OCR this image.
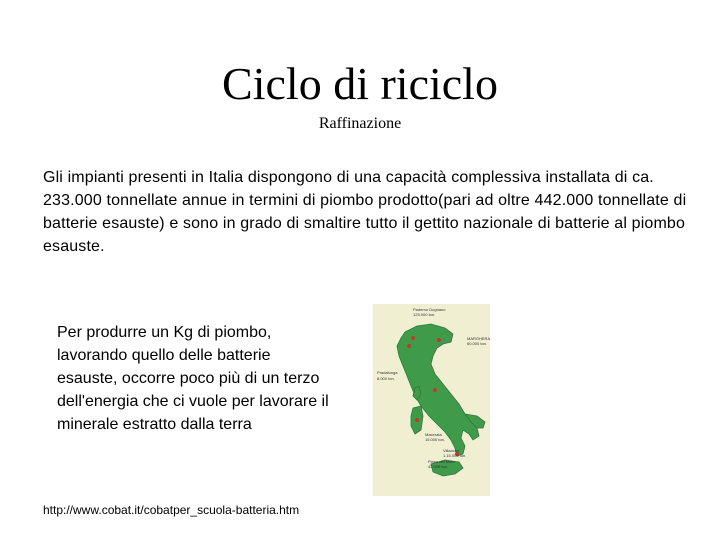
Ciclo di riciclo
Raffinazione
Gli impianti presenti in Italia dispongono di una capacità complessiva installata di ca. 233.000 tonnellate annue in termini di piombo prodotto(pari ad oltre 442.000 tonnellate di batterie esauste) e sono in grado di smaltire tutto il gettito nazionale di batterie al piombo esauste.
Per produrre un Kg di piombo, lavorando quello delle batterie esauste, occorre poco più di un terzo dell'energia che ci vuole per lavorare il minerale estratto dalla terra
http://www.cobat.it/cobatper_scuola-batteria.htm
Paderno Dugnano
125.000 ton.
MARGHERA
60.000 ton.
Pradalunga
8.000 ton.
Macerata
15.000 ton.
Villacidro
1.15.000 ton.
Piano del Malo
42.000 ton.
